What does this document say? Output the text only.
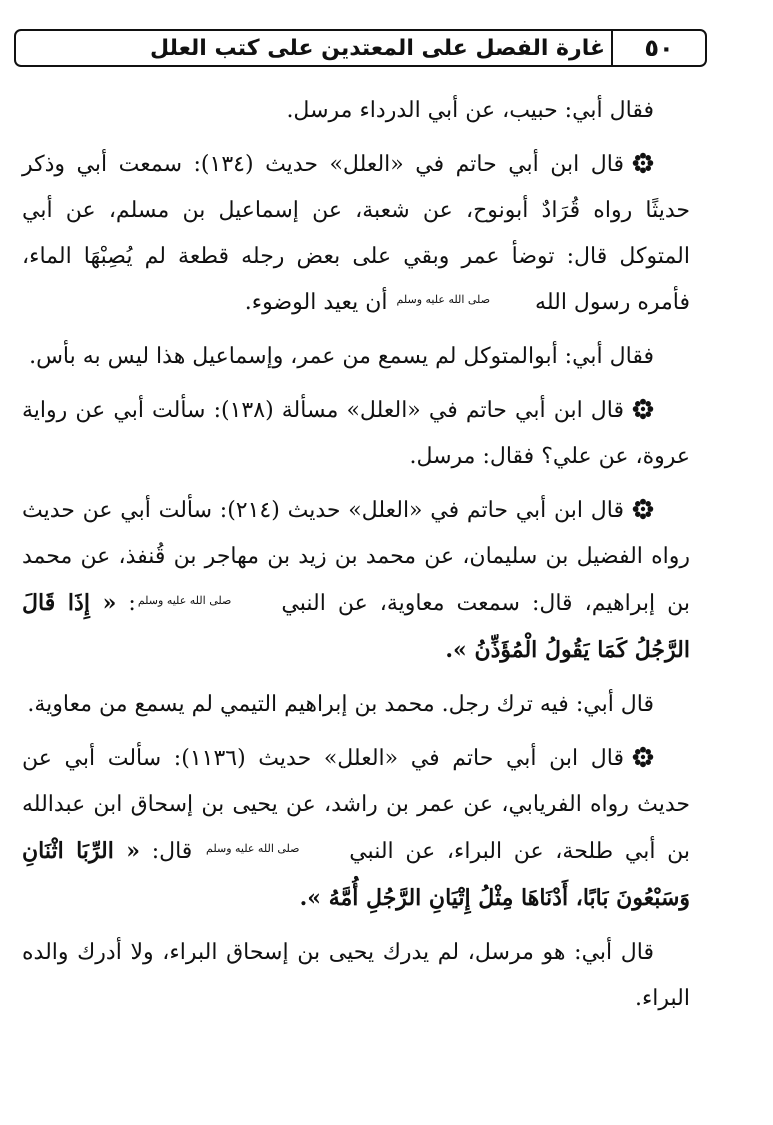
٥٠
غارة الفصل على المعتدين على كتب العلل

فقال أبي: حبيب، عن أبي الدرداء مرسل.

قال ابن أبي حاتم في «العلل» حديث (١٣٤): سمعت أبي وذكر حديثًا رواه قُرَادٌ أبونوح، عن شعبة، عن إسماعيل بن مسلم، عن أبي المتوكل قال: توضأ عمر وبقي على بعض رجله قطعة لم يُصِبْهَا الماء، فأمره رسول الله صلى الله عليه وسلم أن يعيد الوضوء.

فقال أبي: أبوالمتوكل لم يسمع من عمر، وإسماعيل هذا ليس به بأس.

قال ابن أبي حاتم في «العلل» مسألة (١٣٨): سألت أبي عن رواية عروة، عن علي؟ فقال: مرسل.

قال ابن أبي حاتم في «العلل» حديث (٢١٤): سألت أبي عن حديث رواه الفضيل بن سليمان، عن محمد بن زيد بن مهاجر بن قُنفذ، عن محمد بن إبراهيم، قال: سمعت معاوية، عن النبي صلى الله عليه وسلم: « إِذَا قَالَ الرَّجُلُ كَمَا يَقُولُ الْمُؤَذِّنُ ».

قال أبي: فيه ترك رجل. محمد بن إبراهيم التيمي لم يسمع من معاوية.

قال ابن أبي حاتم في «العلل» حديث (١١٣٦): سألت أبي عن حديث رواه الفريابي، عن عمر بن راشد، عن يحيى بن إسحاق ابن عبدالله بن أبي طلحة، عن البراء، عن النبي صلى الله عليه وسلم قال: « الرِّبَا اثْنَانِ وَسَبْعُونَ بَابًا، أَدْنَاهَا مِثْلُ إِتْيَانِ الرَّجُلِ أُمَّهُ ».

قال أبي: هو مرسل، لم يدرك يحيى بن إسحاق البراء، ولا أدرك والده البراء.
